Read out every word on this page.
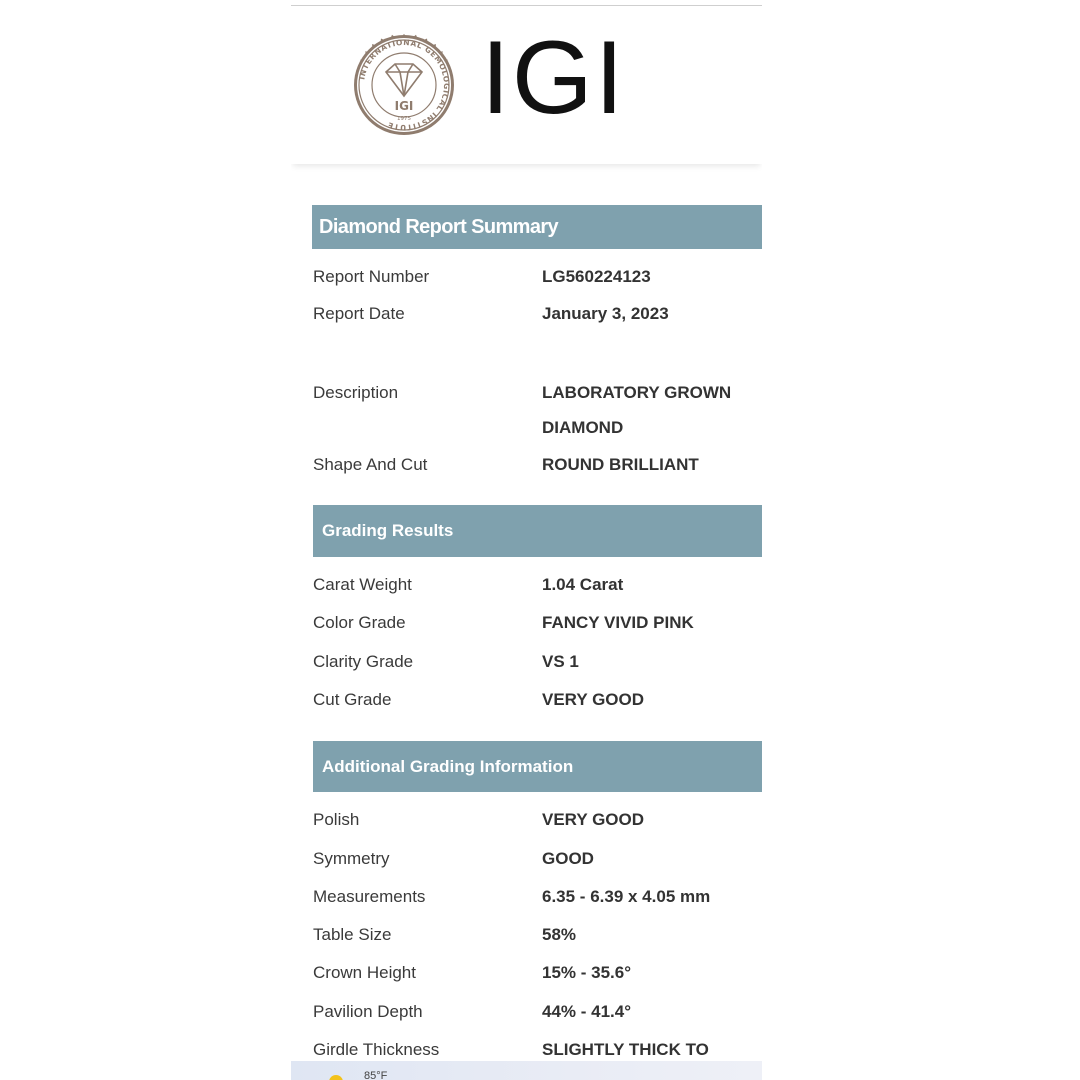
INTERNATIONAL GEMOLOGICAL INSTITUTE
IGI
1975 IGI
Diamond Report Summary
Report Number	LG560224123
Report Date	January 3, 2023
Description	LABORATORY GROWN DIAMOND
Shape And Cut	ROUND BRILLIANT
Grading Results
Carat Weight	1.04 Carat
Color Grade	FANCY VIVID PINK
Clarity Grade	VS 1
Cut Grade	VERY GOOD
Additional Grading Information
Polish	VERY GOOD
Symmetry	GOOD
Measurements	6.35 - 6.39 x 4.05 mm
Table Size	58%
Crown Height	15% - 35.6°
Pavilion Depth	44% - 41.4°
Girdle Thickness	SLIGHTLY THICK TO
85°F
